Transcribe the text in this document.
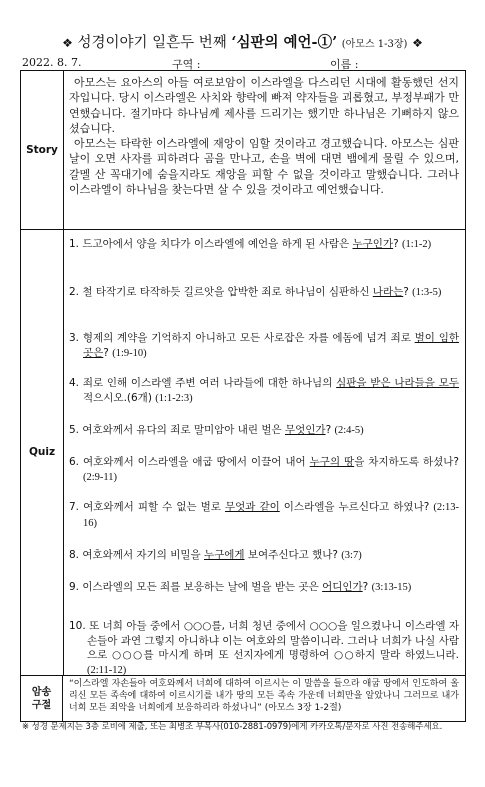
❖ 성경이야기 일흔두 번째 ‘심판의 예언-①’ (아모스 1-3장) ❖
2022. 8. 7.	구역 :	이름 :
Story

아모스는 요아스의 아들 여로보암이 이스라엘을 다스리던 시대에 활동했던 선지자입니다. 당시 이스라엘은 사치와 향락에 빠져 약자들을 괴롭혔고, 부정부패가 만연했습니다. 절기마다 하나님께 제사를 드리기는 했기만 하나님은 기뻐하지 않으셨습니다.

아모스는 타락한 이스라엘에 재앙이 임할 것이라고 경고했습니다. 아모스는 심판 날이 오면 사자를 피하려다 곰을 만나고, 손을 벽에 대면 뱀에게 물릴 수 있으며, 갈멜 산 꼭대기에 숨을지라도 재앙을 피할 수 없을 것이라고 말했습니다. 그러나 이스라엘이 하나님을 찾는다면 살 수 있을 것이라고 예언했습니다.

Quiz
1. 드고아에서 양을 치다가 이스라엘에 예언을 하게 된 사람은 누구인가? (1:1-2)
2. 철 타작기로 타작하듯 길르앗을 압박한 죄로 하나님이 심판하신 나라는? (1:3-5)
3. 형제의 계약을 기억하지 아니하고 모든 사로잡은 자를 에돔에 넘겨 죄로 벌이 임한 곳은? (1:9-10)
4. 죄로 인해 이스라엘 주변 여러 나라들에 대한 하나님의 심판을 받은 나라들을 모두 적으시오.(6개) (1:1-2:3)
5. 여호와께서 유다의 죄로 말미암아 내린 벌은 무엇인가? (2:4-5)
6. 여호와께서 이스라엘을 애굽 땅에서 이끌어 내어 누구의 땅을 차지하도록 하셨나? (2:9-11)
7. 여호와께서 피할 수 없는 벌로 무엇과 같이 이스라엘을 누르신다고 하였나? (2:13-16)
8. 여호와께서 자기의 비밀을 누구에게 보여주신다고 했나? (3:7)
9. 이스라엘의 모든 죄를 보응하는 날에 벌을 받는 곳은 어디인가? (3:13-15)
10. 또 너희 아들 중에서 ○○○를, 너희 청년 중에서 ○○○을 일으켰나니 이스라엘 자손들아 과연 그렇지 아니하냐 이는 여호와의 말씀이니라. 그러나 너희가 나실 사람으로 ○○○를 마시게 하며 또 선지자에게 명령하여 ○○하지 말라 하였느니라. (2:11-12)
암송구절
“이스라엘 자손들아 여호와께서 너희에 대하여 이르시는 이 말씀을 들으라 애굽 땅에서 인도하여 올리신 모든 족속에 대하여 이르시기를 내가 땅의 모든 족속 가운데 너희만을 알았나니 그러므로 내가 너희 모든 죄악을 너희에게 보응하리라 하셨나니” (아모스 3장 1-2절)
※ 성경 문제지는 3층 로비에 제출, 또는 최병조 부목사(010-2881-0979)에게 카카오톡/문자로 사진 전송해주세요.
